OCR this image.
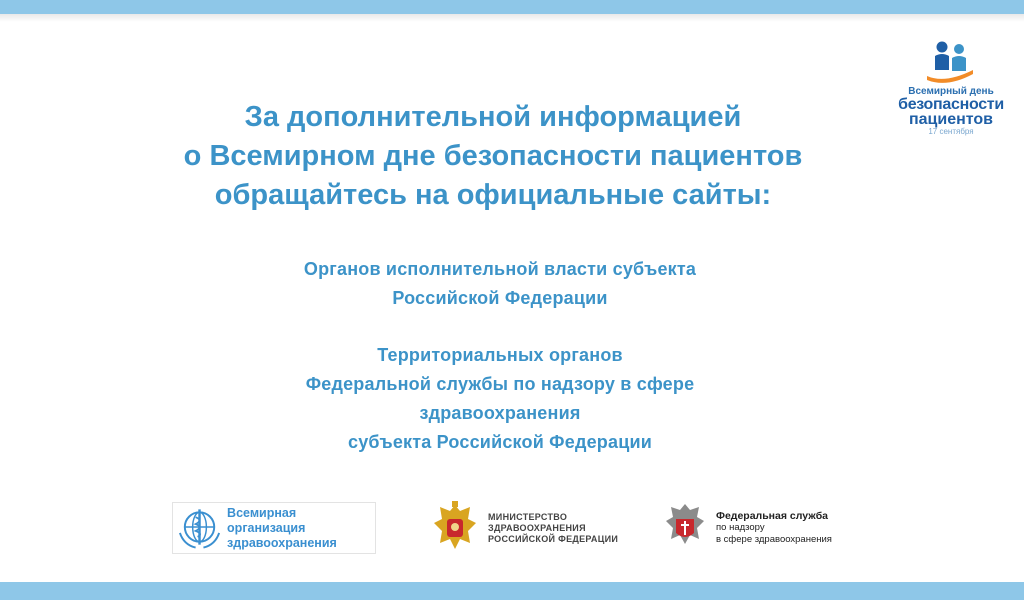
Всемирный день
безопасности
пациентов
17 сентября
За дополнительной информацией
о Всемирном дне безопасности пациентов
обращайтесь на официальные сайты:
Органов исполнительной власти субъекта
Российской Федерации
Территориальных органов
Федеральной службы по надзору в сфере
здравоохранения
субъекта Российской Федерации
Всемирная организация
здравоохранения
МИНИСТЕРСТВО
ЗДРАВООХРАНЕНИЯ
РОССИЙСКОЙ ФЕДЕРАЦИИ
Федеральная служба
по надзору
в сфере здравоохранения
